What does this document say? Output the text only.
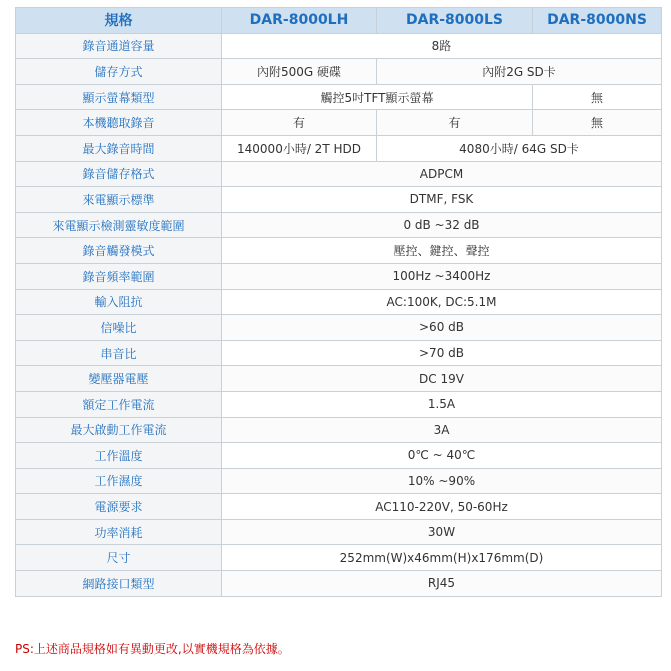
規格	DAR-8000LH	DAR-8000LS	DAR-8000NS
錄音通道容量	8路		
儲存方式	內附500G 硬碟	內附2G SD卡	
顯示螢幕類型	觸控5吋TFT顯示螢幕		無
本機聽取錄音	有	有	無
最大錄音時間	140000小時/ 2T HDD	4080小時/ 64G SD卡	
錄音儲存格式	ADPCM		
來電顯示標準	DTMF, FSK		
來電顯示檢測靈敏度範圍	0 dB ~32 dB		
錄音觸發模式	壓控、鍵控、聲控		
錄音頻率範圍	100Hz ~3400Hz		
輸入阻抗	AC:100K, DC:5.1M		
信噪比	>60 dB		
串音比	>70 dB		
變壓器電壓	DC 19V		
額定工作電流	1.5A		
最大啟動工作電流	3A		
工作溫度	0℃ ~ 40℃		
工作濕度	10% ~90%		
電源要求	AC110-220V, 50-60Hz		
功率消耗	30W		
尺寸	252mm(W)x46mm(H)x176mm(D)		
網路接口類型	RJ45		
PS:上述商品規格如有異動更改,以實機規格為依據。
